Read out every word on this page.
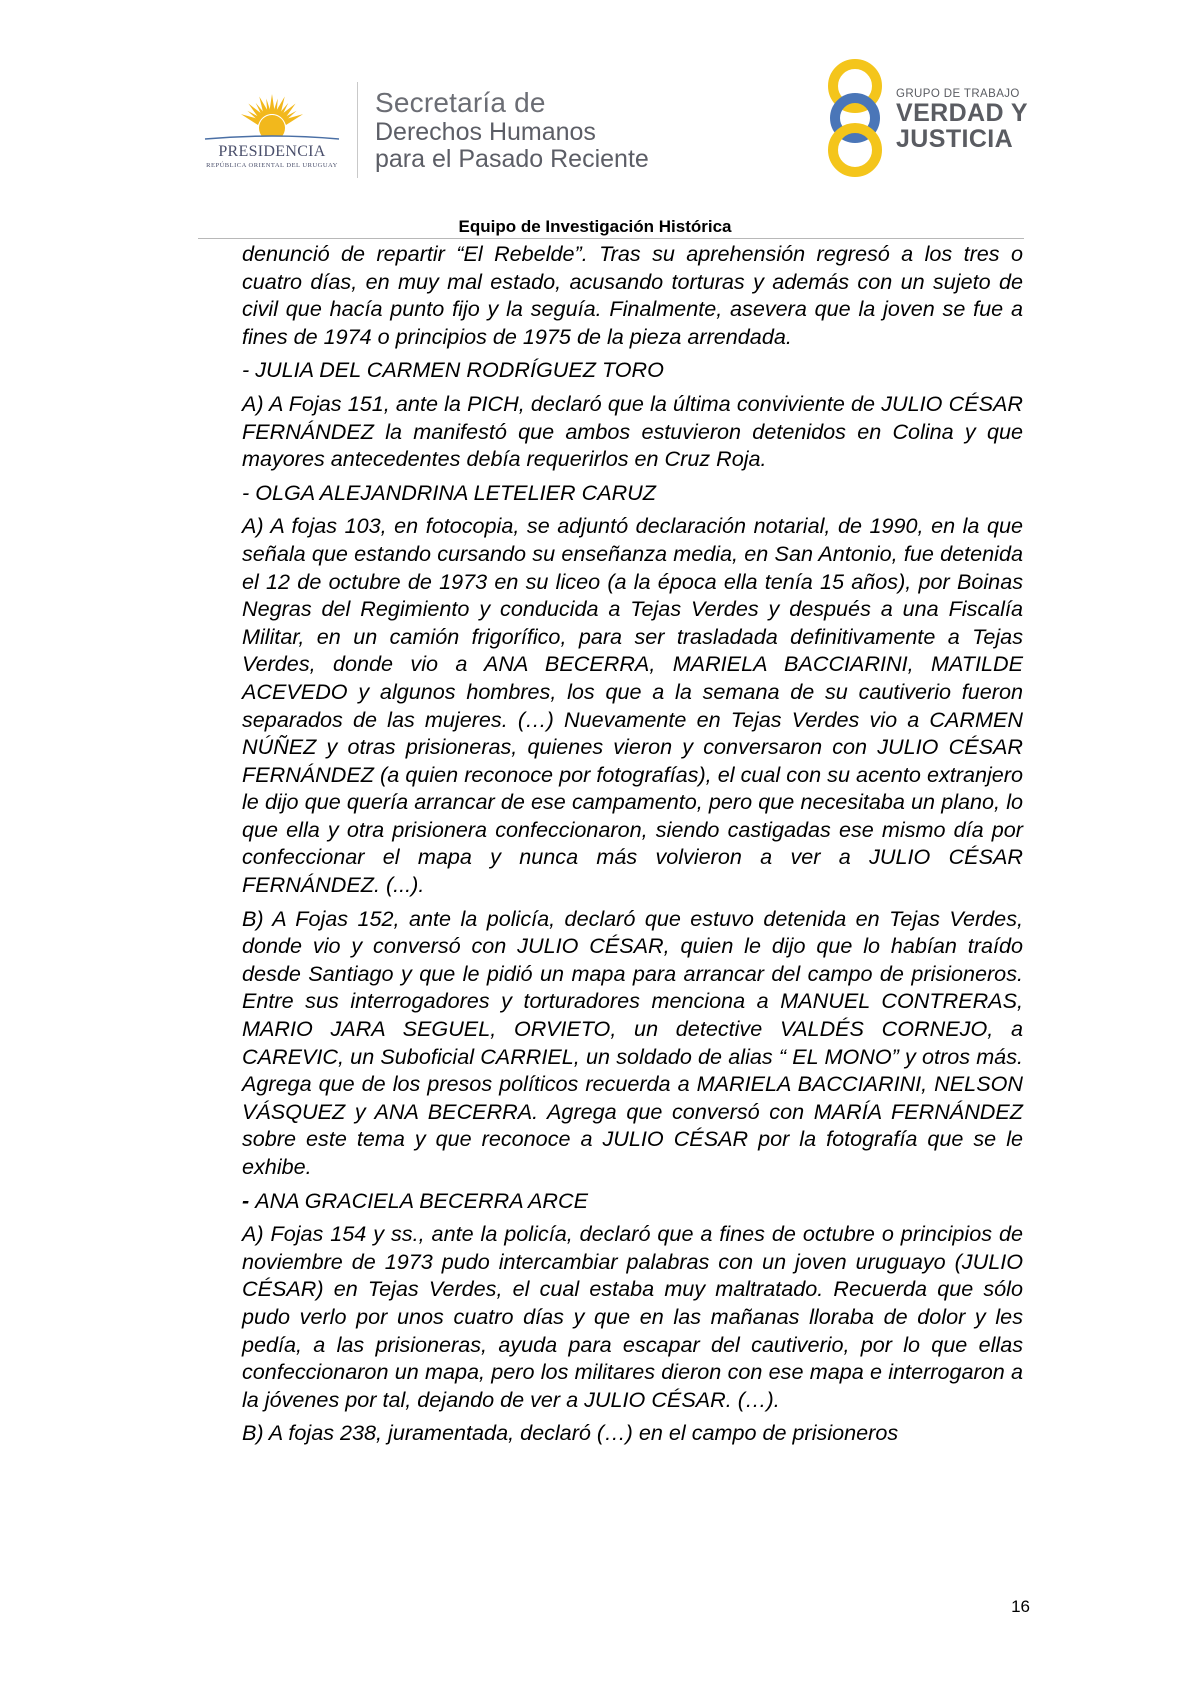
PRESIDENCIA
REPÚBLICA ORIENTAL DEL URUGUAY
Secretaría de
Derechos Humanos
para el Pasado Reciente
GRUPO DE TRABAJO
VERDAD Y
JUSTICIA
Equipo de Investigación Histórica

denunció de repartir “El Rebelde”. Tras su aprehensión regresó a los tres o cuatro días, en muy mal estado, acusando torturas y además con un sujeto de civil que hacía punto fijo y la seguía. Finalmente, asevera que la joven se fue a fines de 1974 o principios de 1975 de la pieza arrendada.

- JULIA DEL CARMEN RODRÍGUEZ TORO

A) A Fojas 151, ante la PICH, declaró que la última conviviente de JULIO CÉSAR FERNÁNDEZ la manifestó que ambos estuvieron detenidos en Colina y que mayores antecedentes debía requerirlos en Cruz Roja.

- OLGA ALEJANDRINA LETELIER CARUZ

A) A fojas 103, en fotocopia, se adjuntó declaración notarial, de 1990, en la que señala que estando cursando su enseñanza media, en San Antonio, fue detenida el 12 de octubre de 1973 en su liceo (a la época ella tenía 15 años), por Boinas Negras del Regimiento y conducida a Tejas Verdes y después a una Fiscalía Militar, en un camión frigorífico, para ser trasladada definitivamente a Tejas Verdes, donde vio a ANA BECERRA, MARIELA BACCIARINI, MATILDE ACEVEDO y algunos hombres, los que a la semana de su cautiverio fueron separados de las mujeres. (…) Nuevamente en Tejas Verdes vio a CARMEN NÚÑEZ y otras prisioneras, quienes vieron y conversaron con JULIO CÉSAR FERNÁNDEZ (a quien reconoce por fotografías), el cual con su acento extranjero le dijo que quería arrancar de ese campamento, pero que necesitaba un plano, lo que ella y otra prisionera confeccionaron, siendo castigadas ese mismo día por confeccionar el mapa y nunca más volvieron a ver a JULIO CÉSAR FERNÁNDEZ. (...).

B) A Fojas 152, ante la policía, declaró que estuvo detenida en Tejas Verdes, donde vio y conversó con JULIO CÉSAR, quien le dijo que lo habían traído desde Santiago y que le pidió un mapa para arrancar del campo de prisioneros. Entre sus interrogadores y torturadores menciona a MANUEL CONTRERAS, MARIO JARA SEGUEL, ORVIETO, un detective VALDÉS CORNEJO, a CAREVIC, un Suboficial CARRIEL, un soldado de alias “ EL MONO” y otros más. Agrega que de los presos políticos recuerda a MARIELA BACCIARINI, NELSON VÁSQUEZ y ANA BECERRA. Agrega que conversó con MARÍA FERNÁNDEZ sobre este tema y que reconoce a JULIO CÉSAR por la fotografía que se le exhibe.

- ANA GRACIELA BECERRA ARCE

A) Fojas 154 y ss., ante la policía, declaró que a fines de octubre o principios de noviembre de 1973 pudo intercambiar palabras con un joven uruguayo (JULIO CÉSAR) en Tejas Verdes, el cual estaba muy maltratado. Recuerda que sólo pudo verlo por unos cuatro días y que en las mañanas lloraba de dolor y les pedía, a las prisioneras, ayuda para escapar del cautiverio, por lo que ellas confeccionaron un mapa, pero los militares dieron con ese mapa e interrogaron a la jóvenes por tal, dejando de ver a JULIO CÉSAR. (…).

B) A fojas 238, juramentada, declaró (…) en el campo de prisioneros

16
